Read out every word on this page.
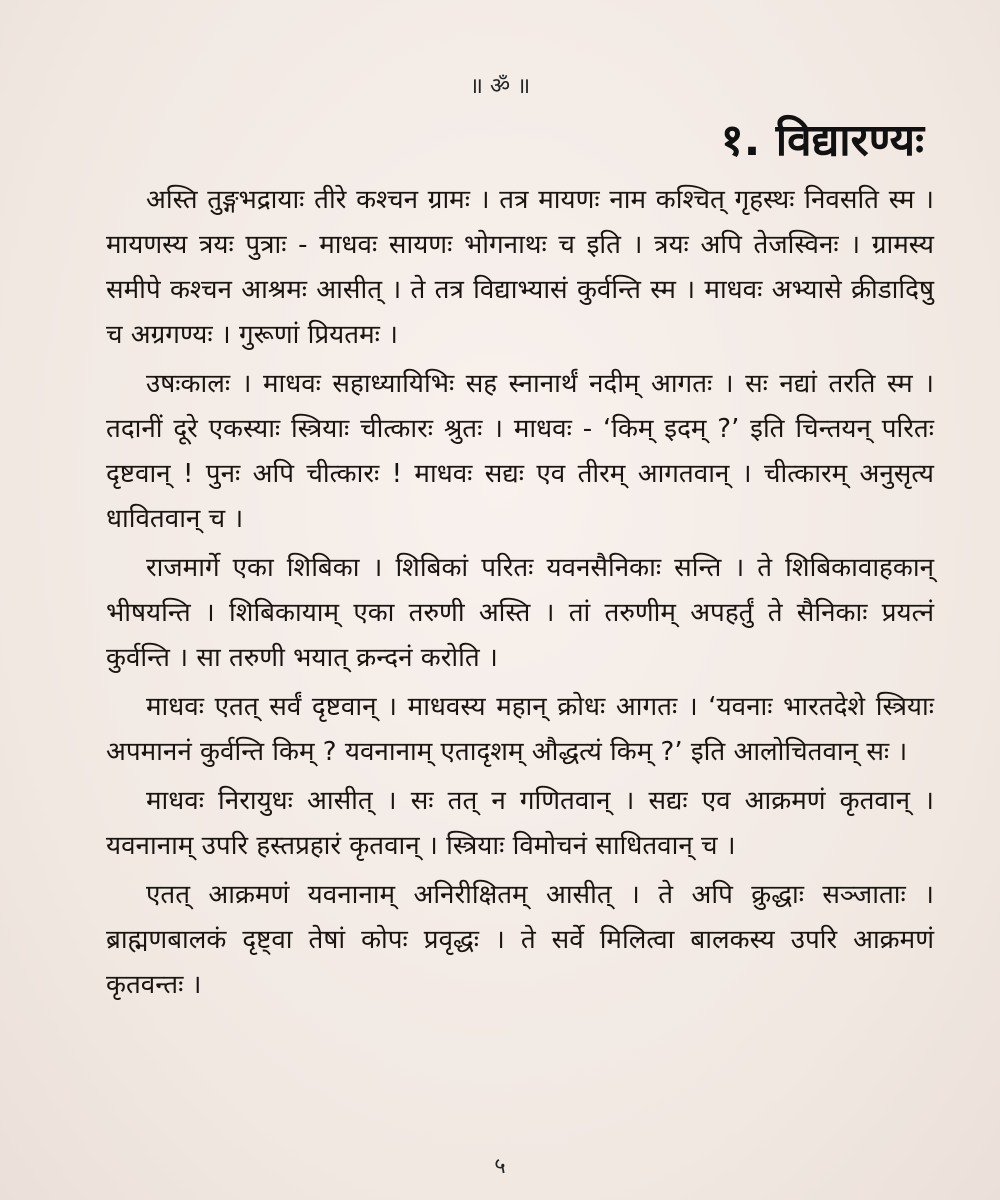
॥ ॐ ॥
१. विद्यारण्यः

अस्ति तुङ्गभद्रायाः तीरे कश्चन ग्रामः । तत्र मायणः नाम कश्चित् गृहस्थः निवसति स्म । मायणस्य त्रयः पुत्राः - माधवः सायणः भोगनाथः च इति । त्रयः अपि तेजस्विनः । ग्रामस्य समीपे कश्चन आश्रमः आसीत् । ते तत्र विद्याभ्यासं कुर्वन्ति स्म । माधवः अभ्यासे क्रीडादिषु च अग्रगण्यः । गुरूणां प्रियतमः ।

उषःकालः । माधवः सहाध्यायिभिः सह स्नानार्थं नदीम् आगतः । सः नद्यां तरति स्म । तदानीं दूरे एकस्याः स्त्रियाः चीत्कारः श्रुतः । माधवः - ‘किम् इदम् ?’ इति चिन्तयन् परितः दृष्टवान् ! पुनः अपि चीत्कारः ! माधवः सद्यः एव तीरम् आगतवान् । चीत्कारम् अनुसृत्य धावितवान् च ।

राजमार्गे एका शिबिका । शिबिकां परितः यवनसैनिकाः सन्ति । ते शिबिकावाहकान् भीषयन्ति । शिबिकायाम् एका तरुणी अस्ति । तां तरुणीम् अपहर्तुं ते सैनिकाः प्रयत्नं कुर्वन्ति । सा तरुणी भयात् क्रन्दनं करोति ।

माधवः एतत् सर्वं दृष्टवान् । माधवस्य महान् क्रोधः आगतः । ‘यवनाः भारतदेशे स्त्रियाः अपमाननं कुर्वन्ति किम् ? यवनानाम् एतादृशम् औद्धत्यं किम् ?’ इति आलोचितवान् सः ।

माधवः निरायुधः आसीत् । सः तत् न गणितवान् । सद्यः एव आक्रमणं कृतवान् । यवनानाम् उपरि हस्तप्रहारं कृतवान् । स्त्रियाः विमोचनं साधितवान् च ।

एतत् आक्रमणं यवनानाम् अनिरीक्षितम् आसीत् । ते अपि क्रुद्धाः सञ्जाताः । ब्राह्मणबालकं दृष्ट्वा तेषां कोपः प्रवृद्धः । ते सर्वे मिलित्वा बालकस्य उपरि आक्रमणं कृतवन्तः ।

५
